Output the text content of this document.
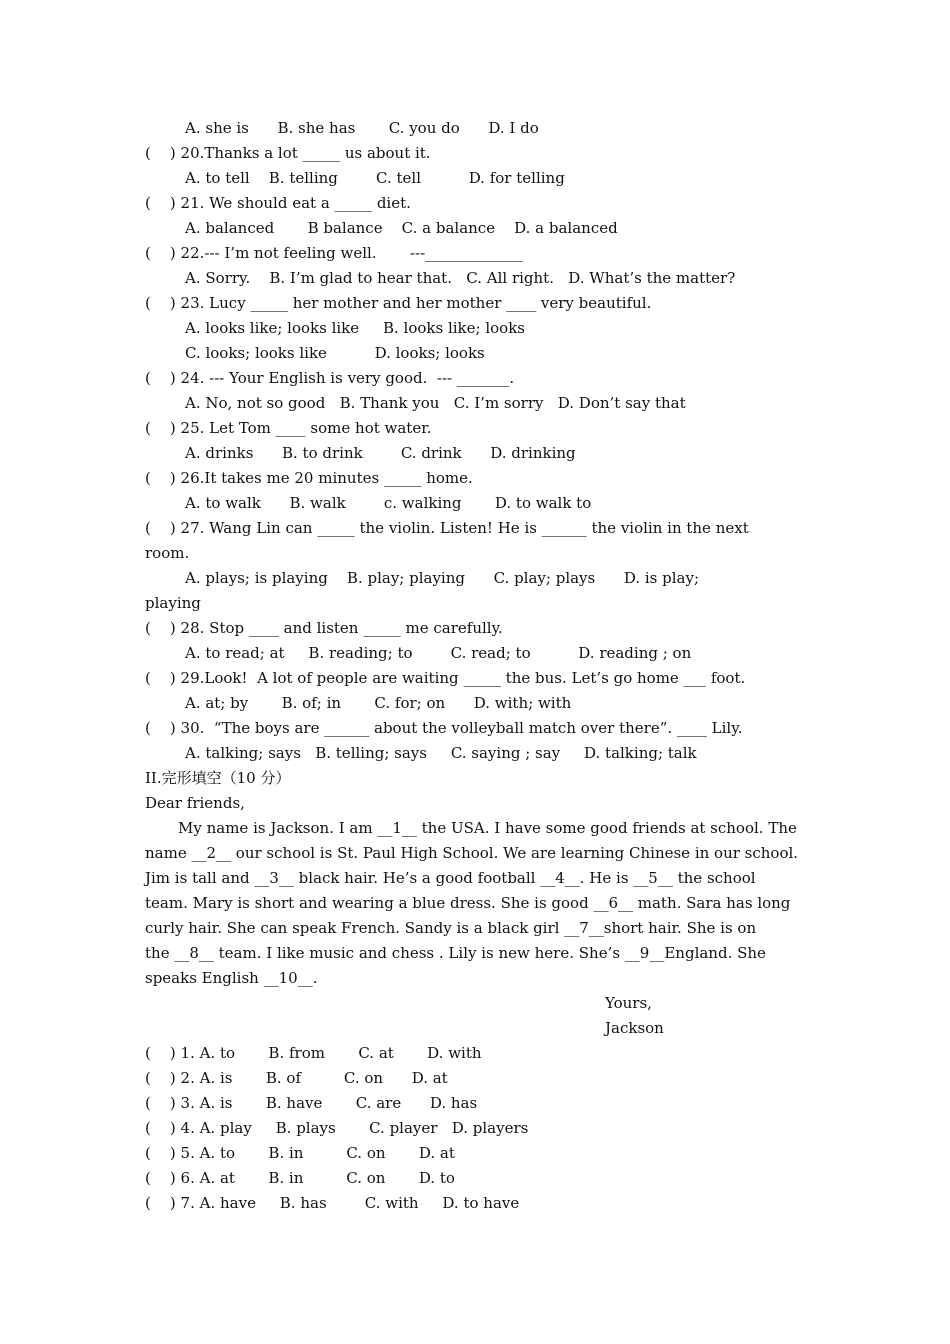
A. she is      B. she has       C. you do      D. I do
(    ) 20.Thanks a lot _____ us about it.
A. to tell    B. telling        C. tell          D. for telling
(    ) 21. We should eat a _____ diet.
A. balanced       B balance    C. a balance    D. a balanced
(    ) 22.--- I’m not feeling well.       ---_____________
A. Sorry.    B. I’m glad to hear that.   C. All right.   D. What’s the matter?
(    ) 23. Lucy _____ her mother and her mother ____ very beautiful.
A. looks like; looks like     B. looks like; looks
C. looks; looks like          D. looks; looks
(    ) 24. --- Your English is very good.  --- _______.
A. No, not so good   B. Thank you   C. I’m sorry   D. Don’t say that
(    ) 25. Let Tom ____ some hot water.
A. drinks      B. to drink        C. drink      D. drinking
(    ) 26.It takes me 20 minutes _____ home.
A. to walk      B. walk        c. walking       D. to walk to
(    ) 27. Wang Lin can _____ the violin. Listen! He is ______ the violin in the next
room.
A. plays; is playing    B. play; playing      C. play; plays      D. is play;
playing
(    ) 28. Stop ____ and listen _____ me carefully.
A. to read; at     B. reading; to        C. read; to          D. reading ; on
(    ) 29.Look!  A lot of people are waiting _____ the bus. Let’s go home ___ foot.
A. at; by       B. of; in       C. for; on      D. with; with
(    ) 30.  “The boys are ______ about the volleyball match over there”. ____ Lily.
A. talking; says   B. telling; says     C. saying ; say     D. talking; talk
II.完形填空（10 分）
Dear friends,
My name is Jackson. I am __1__ the USA. I have some good friends at school. The
name __2__ our school is St. Paul High School. We are learning Chinese in our school.
Jim is tall and __3__ black hair. He’s a good football __4__. He is __5__ the school
team. Mary is short and wearing a blue dress. She is good __6__ math. Sara has long
curly hair. She can speak French. Sandy is a black girl __7__short hair. She is on
the __8__ team. I like music and chess . Lily is new here. She’s __9__England. She
speaks English __10__.
Yours,
Jackson
(    ) 1. A. to       B. from       C. at       D. with
(    ) 2. A. is       B. of         C. on      D. at
(    ) 3. A. is       B. have       C. are      D. has
(    ) 4. A. play     B. plays       C. player   D. players
(    ) 5. A. to       B. in         C. on       D. at
(    ) 6. A. at       B. in         C. on       D. to
(    ) 7. A. have     B. has        C. with     D. to have
